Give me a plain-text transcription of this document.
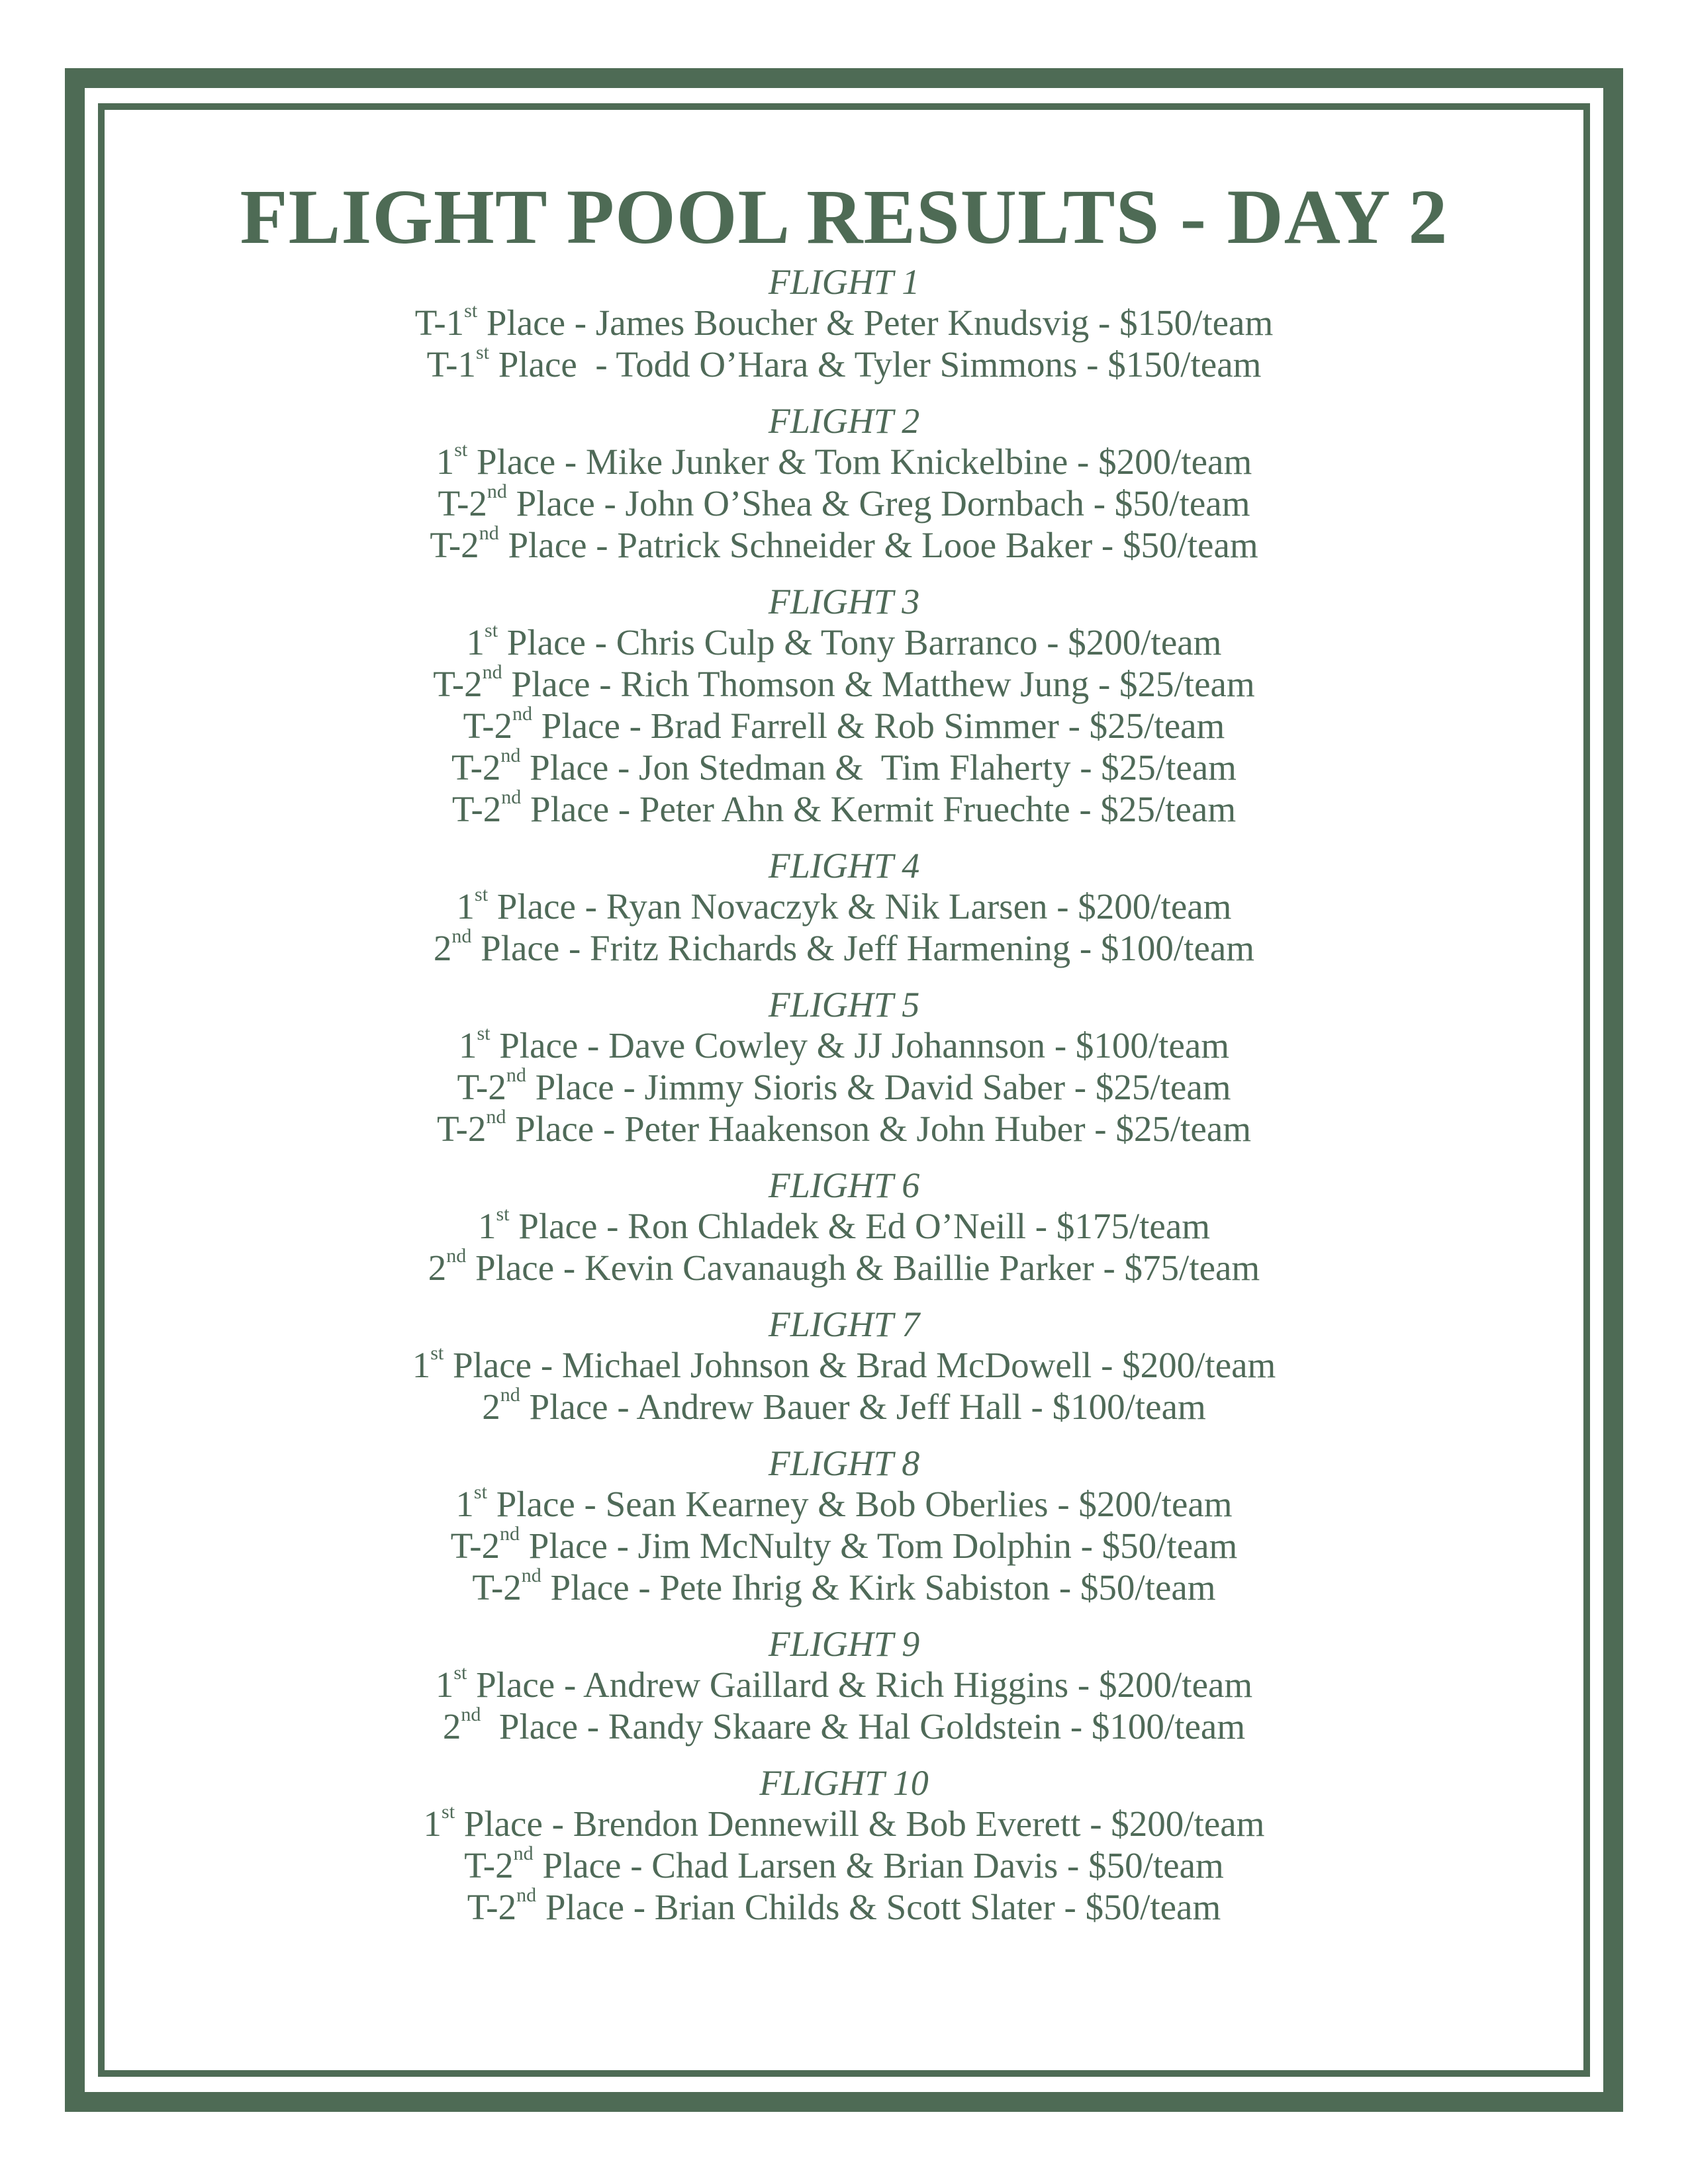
FLIGHT POOL RESULTS - DAY 2

FLIGHT 1

T-1st Place - James Boucher & Peter Knudsvig - $150/team

T-1st Place  - Todd O’Hara & Tyler Simmons - $150/team

FLIGHT 2

1st Place - Mike Junker & Tom Knickelbine - $200/team

T-2nd Place - John O’Shea & Greg Dornbach - $50/team

T-2nd Place - Patrick Schneider & Looe Baker - $50/team

FLIGHT 3

1st Place - Chris Culp & Tony Barranco - $200/team

T-2nd Place - Rich Thomson & Matthew Jung - $25/team

T-2nd Place - Brad Farrell & Rob Simmer - $25/team

T-2nd Place - Jon Stedman &  Tim Flaherty - $25/team

T-2nd Place - Peter Ahn & Kermit Fruechte - $25/team

FLIGHT 4

1st Place - Ryan Novaczyk & Nik Larsen - $200/team

2nd Place - Fritz Richards & Jeff Harmening - $100/team

FLIGHT 5

1st Place - Dave Cowley & JJ Johannson - $100/team

T-2nd Place - Jimmy Sioris & David Saber - $25/team

T-2nd Place - Peter Haakenson & John Huber - $25/team

FLIGHT 6

1st Place - Ron Chladek & Ed O’Neill - $175/team

2nd Place - Kevin Cavanaugh & Baillie Parker - $75/team

FLIGHT 7

1st Place - Michael Johnson & Brad McDowell - $200/team

2nd Place - Andrew Bauer & Jeff Hall - $100/team

FLIGHT 8

1st Place - Sean Kearney & Bob Oberlies - $200/team

T-2nd Place - Jim McNulty & Tom Dolphin - $50/team

T-2nd Place - Pete Ihrig & Kirk Sabiston - $50/team

FLIGHT 9

1st Place - Andrew Gaillard & Rich Higgins - $200/team

2nd  Place - Randy Skaare & Hal Goldstein - $100/team

FLIGHT 10

1st Place - Brendon Dennewill & Bob Everett - $200/team

T-2nd Place - Chad Larsen & Brian Davis - $50/team

T-2nd Place - Brian Childs & Scott Slater - $50/team
